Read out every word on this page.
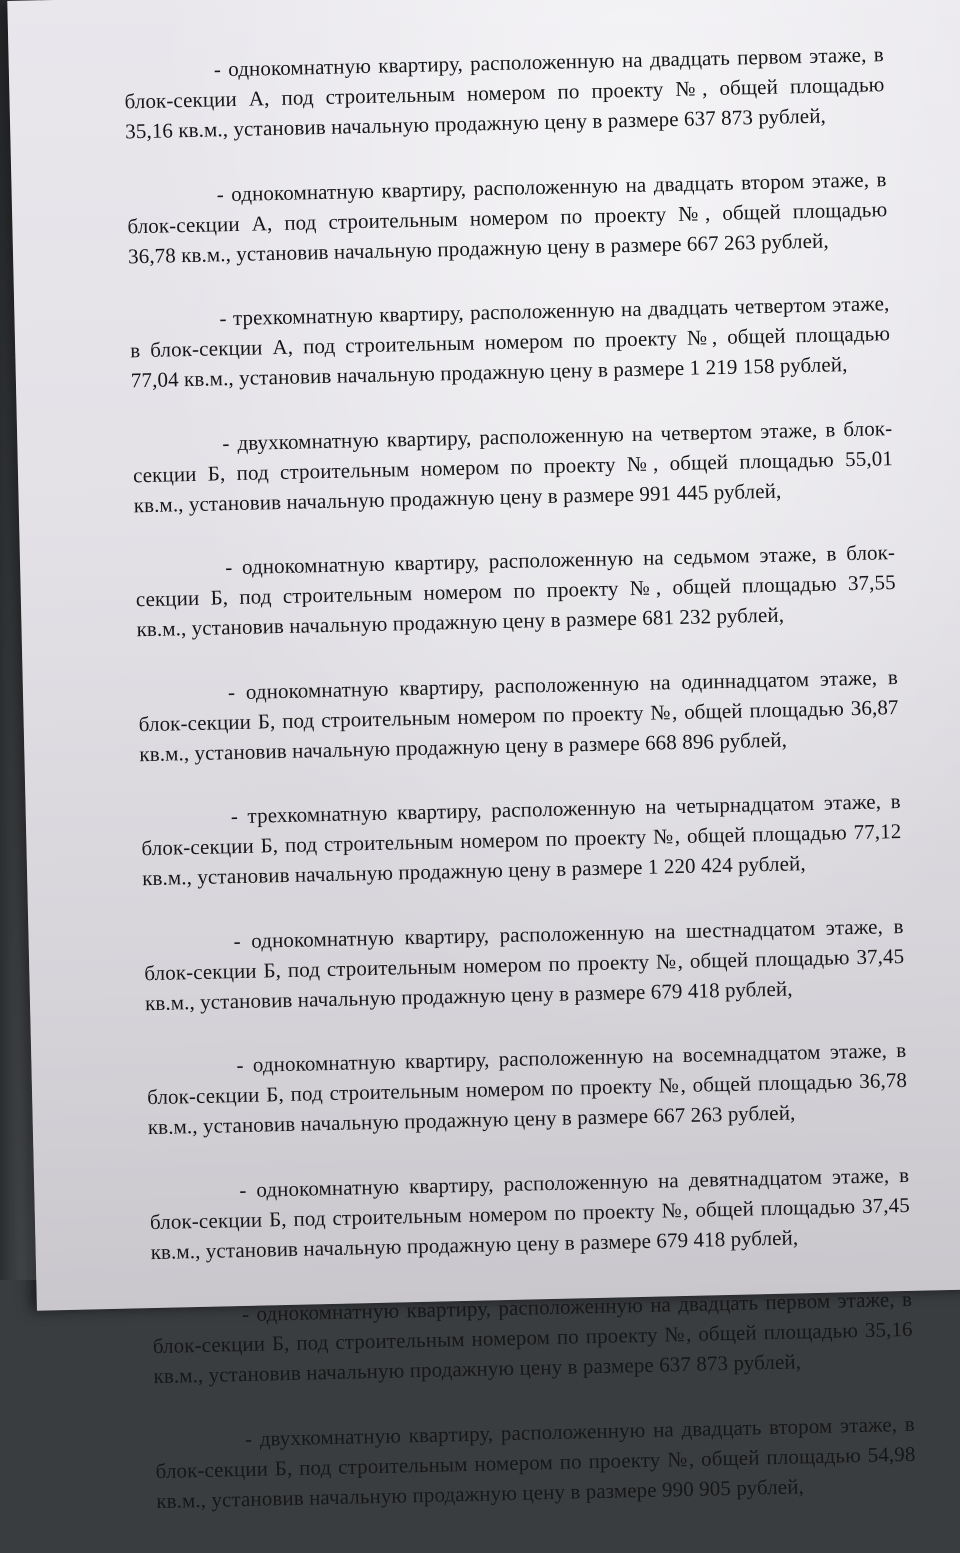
- однокомнатную квартиру, расположенную на двадцать первом этаже, в
блок-секции А, под строительным номером по проекту №, общей площадью
35,16 кв.м., установив начальную продажную цену в размере 637 873 рублей,
- однокомнатную квартиру, расположенную на двадцать втором этаже, в
блок-секции А, под строительным номером по проекту №, общей площадью
36,78 кв.м., установив начальную продажную цену в размере 667 263 рублей,
- трехкомнатную квартиру, расположенную на двадцать четвертом этаже,
в блок-секции А, под строительным номером по проекту №, общей площадью
77,04 кв.м., установив начальную продажную цену в размере 1 219 158 рублей,
- двухкомнатную квартиру, расположенную на четвертом этаже, в блок-
секции Б, под строительным номером по проекту №, общей площадью 55,01
кв.м., установив начальную продажную цену в размере 991 445 рублей,
- однокомнатную квартиру, расположенную на седьмом этаже, в блок-
секции Б, под строительным номером по проекту №, общей площадью 37,55
кв.м., установив начальную продажную цену в размере 681 232 рублей,
- однокомнатную квартиру, расположенную на одиннадцатом этаже, в
блок-секции Б, под строительным номером по проекту №, общей площадью 36,87
кв.м., установив начальную продажную цену в размере 668 896 рублей,
- трехкомнатную квартиру, расположенную на четырнадцатом этаже, в
блок-секции Б, под строительным номером по проекту №, общей площадью 77,12
кв.м., установив начальную продажную цену в размере 1 220 424 рублей,
- однокомнатную квартиру, расположенную на шестнадцатом этаже, в
блок-секции Б, под строительным номером по проекту №, общей площадью 37,45
кв.м., установив начальную продажную цену в размере 679 418 рублей,
- однокомнатную квартиру, расположенную на восемнадцатом этаже, в
блок-секции Б, под строительным номером по проекту №, общей площадью 36,78
кв.м., установив начальную продажную цену в размере 667 263 рублей,
- однокомнатную квартиру, расположенную на девятнадцатом этаже, в
блок-секции Б, под строительным номером по проекту №, общей площадью 37,45
кв.м., установив начальную продажную цену в размере 679 418 рублей,
- однокомнатную квартиру, расположенную на двадцать первом этаже, в
блок-секции Б, под строительным номером по проекту №, общей площадью 35,16
кв.м., установив начальную продажную цену в размере 637 873 рублей,
- двухкомнатную квартиру, расположенную на двадцать втором этаже, в
блок-секции Б, под строительным номером по проекту №, общей площадью 54,98
кв.м., установив начальную продажную цену в размере 990 905 рублей,
